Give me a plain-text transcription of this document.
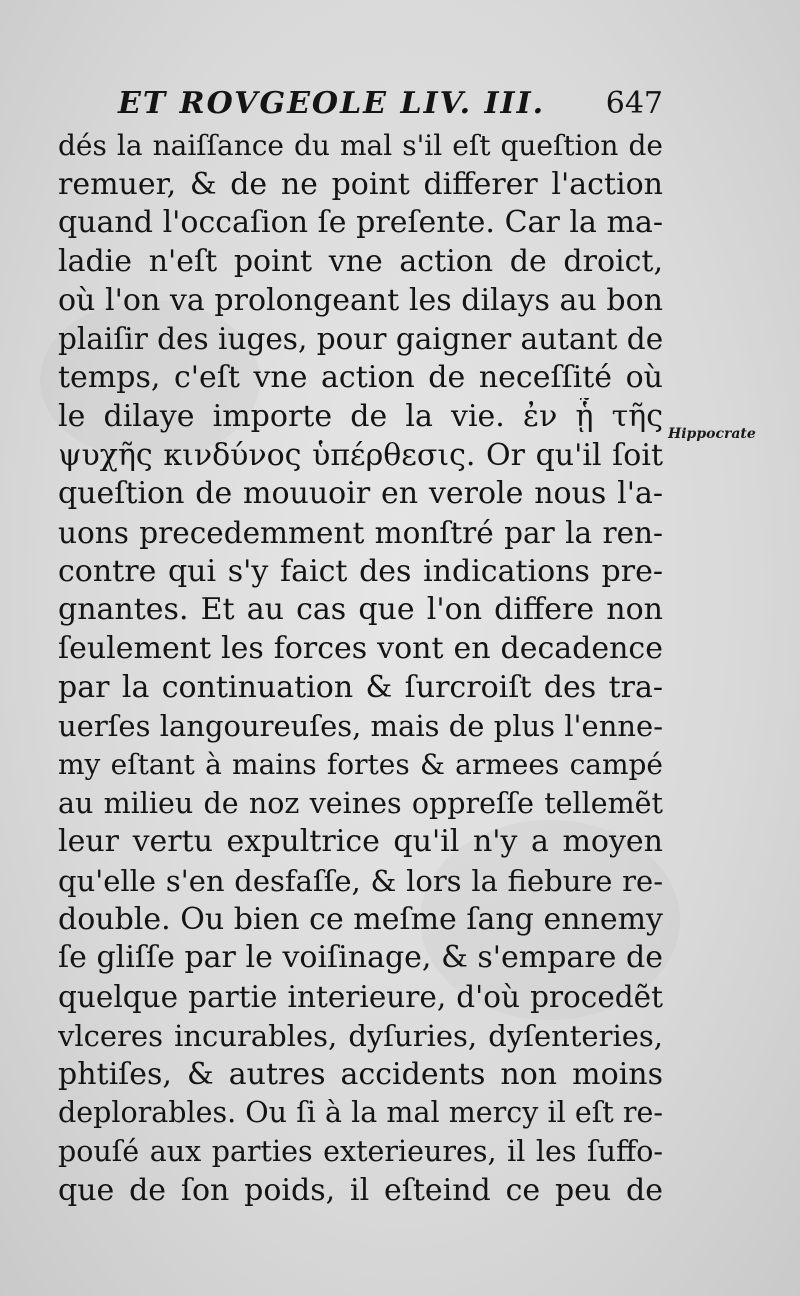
ET ROVGEOLE LIV. III. 647
dés la naiſſance du mal s'il eſt queſtion de
remuer, & de ne point differer l'action
quand l'occaſion ſe preſente. Car la ma-
ladie n'eſt point vne action de droict,
où l'on va prolongeant les dilays au bon
plaiſir des iuges, pour gaigner autant de
temps, c'eſt vne action de neceſſité où
le dilaye importe de la vie. ἐν ᾗ τῆς
ψυχῆς κινδύνος ὑπέρθεσις. Or qu'il ſoit
queſtion de mouuoir en verole nous l'a-
uons precedemment monſtré par la ren-
contre qui s'y faict des indications pre-
gnantes. Et au cas que l'on differe non
ſeulement les forces vont en decadence
par la continuation & ſurcroiſt des tra-
uerſes langoureuſes, mais de plus l'enne-
my eſtant à mains fortes & armees campé
au milieu de noz veines oppreſſe tellemẽt
leur vertu expultrice qu'il n'y a moyen
qu'elle s'en desfaſſe, & lors la fiebure re-
double. Ou bien ce meſme ſang ennemy
ſe gliſſe par le voiſinage, & s'empare de
quelque partie interieure, d'où procedẽt
vlceres incurables, dyſuries, dyſenteries,
phtiſes, & autres accidents non moins
deplorables. Ou ſi à la mal mercy il eſt re-
pouſé aux parties exterieures, il les ſuffo-
que de ſon poids, il eſteind ce peu de
Hippocrate
